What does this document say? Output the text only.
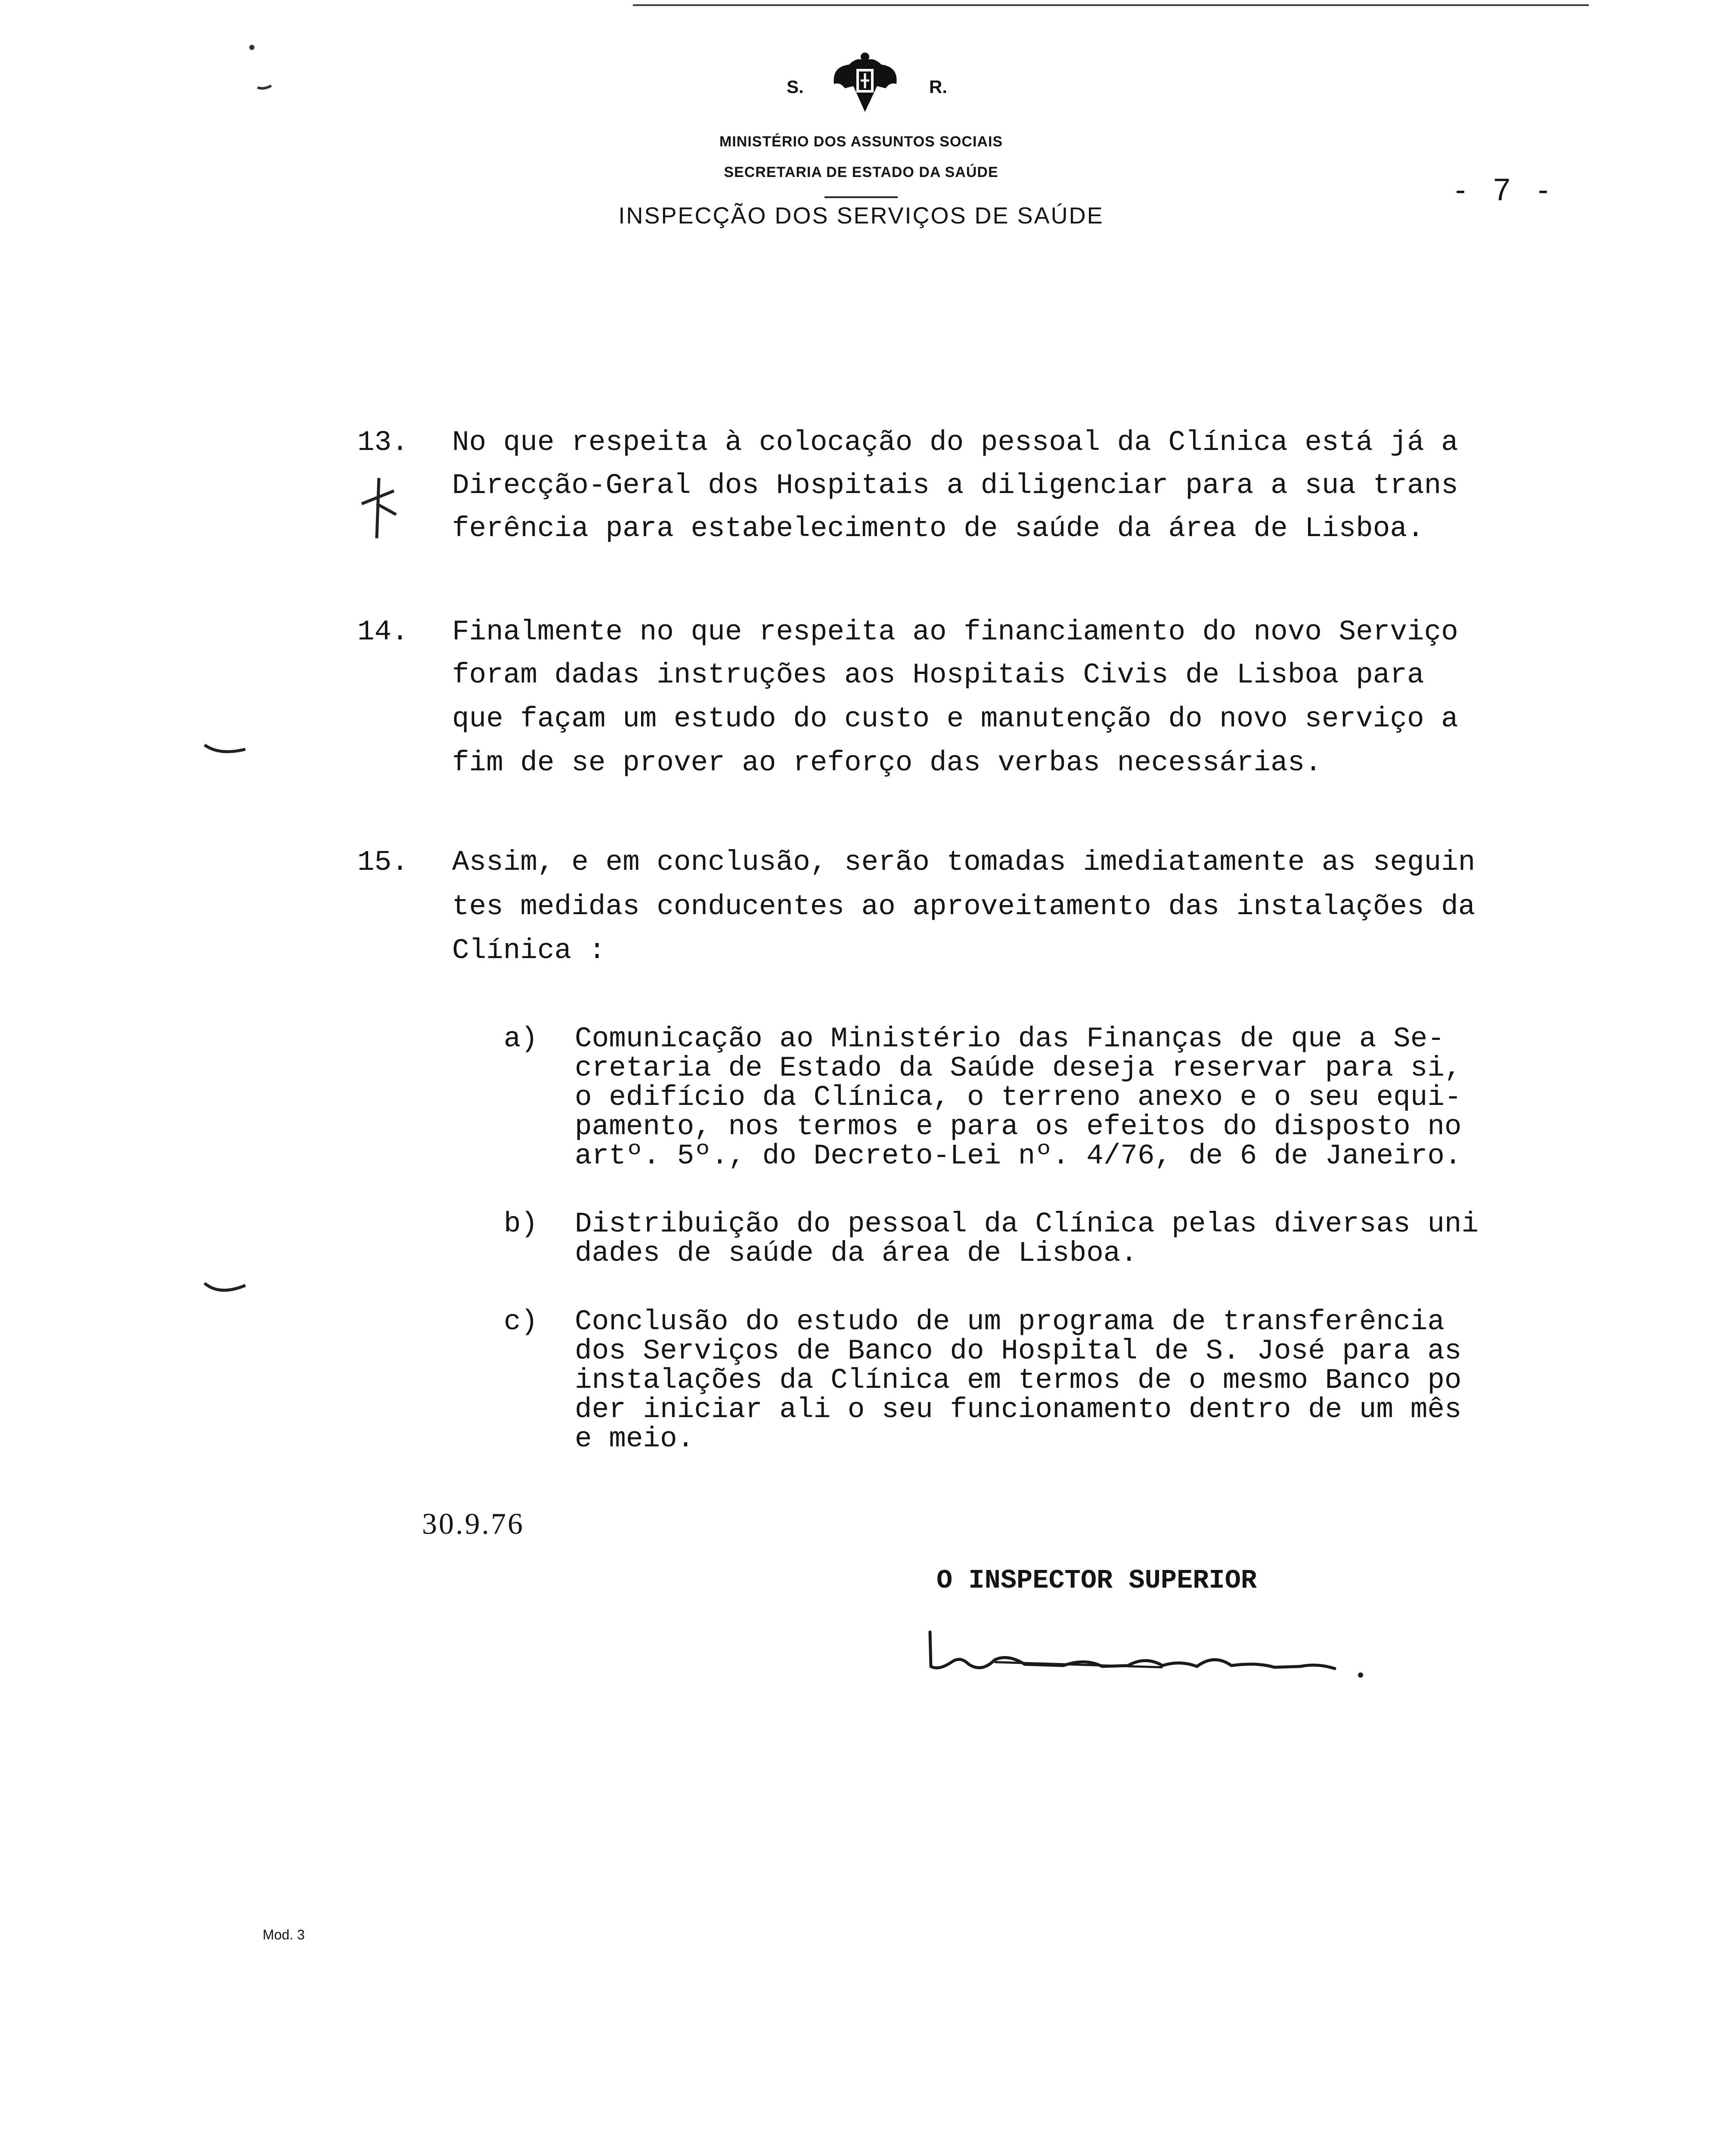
S.	R.
MINISTÉRIO DOS ASSUNTOS SOCIAIS
SECRETARIA DE ESTADO DA SAÚDE
INSPECÇÃO DOS SERVIÇOS DE SAÚDE
- 7 -
13. No que respeita à colocação do pessoal da Clínica está já a
Direcção-Geral dos Hospitais a diligenciar para a sua trans
ferência para estabelecimento de saúde da área de Lisboa.
14. Finalmente no que respeita ao financiamento do novo Serviço
foram dadas instruções aos Hospitais Civis de Lisboa para
que façam um estudo do custo e manutenção do novo serviço a
fim de se prover ao reforço das verbas necessárias.
15. Assim, e em conclusão, serão tomadas imediatamente as seguin
tes medidas conducentes ao aproveitamento das instalações da
Clínica :
a) Comunicação ao Ministério das Finanças de que a Se-
cretaria de Estado da Saúde deseja reservar para si,
o edifício da Clínica, o terreno anexo e o seu equi-
pamento, nos termos e para os efeitos do disposto no
artº. 5º., do Decreto-Lei nº. 4/76, de 6 de Janeiro.
b) Distribuição do pessoal da Clínica pelas diversas uni
dades de saúde da área de Lisboa.
c) Conclusão do estudo de um programa de transferência
dos Serviços de Banco do Hospital de S. José para as
instalações da Clínica em termos de o mesmo Banco po
der iniciar ali o seu funcionamento dentro de um mês
e meio.
30.9.76
O INSPECTOR SUPERIOR
Mod. 3
